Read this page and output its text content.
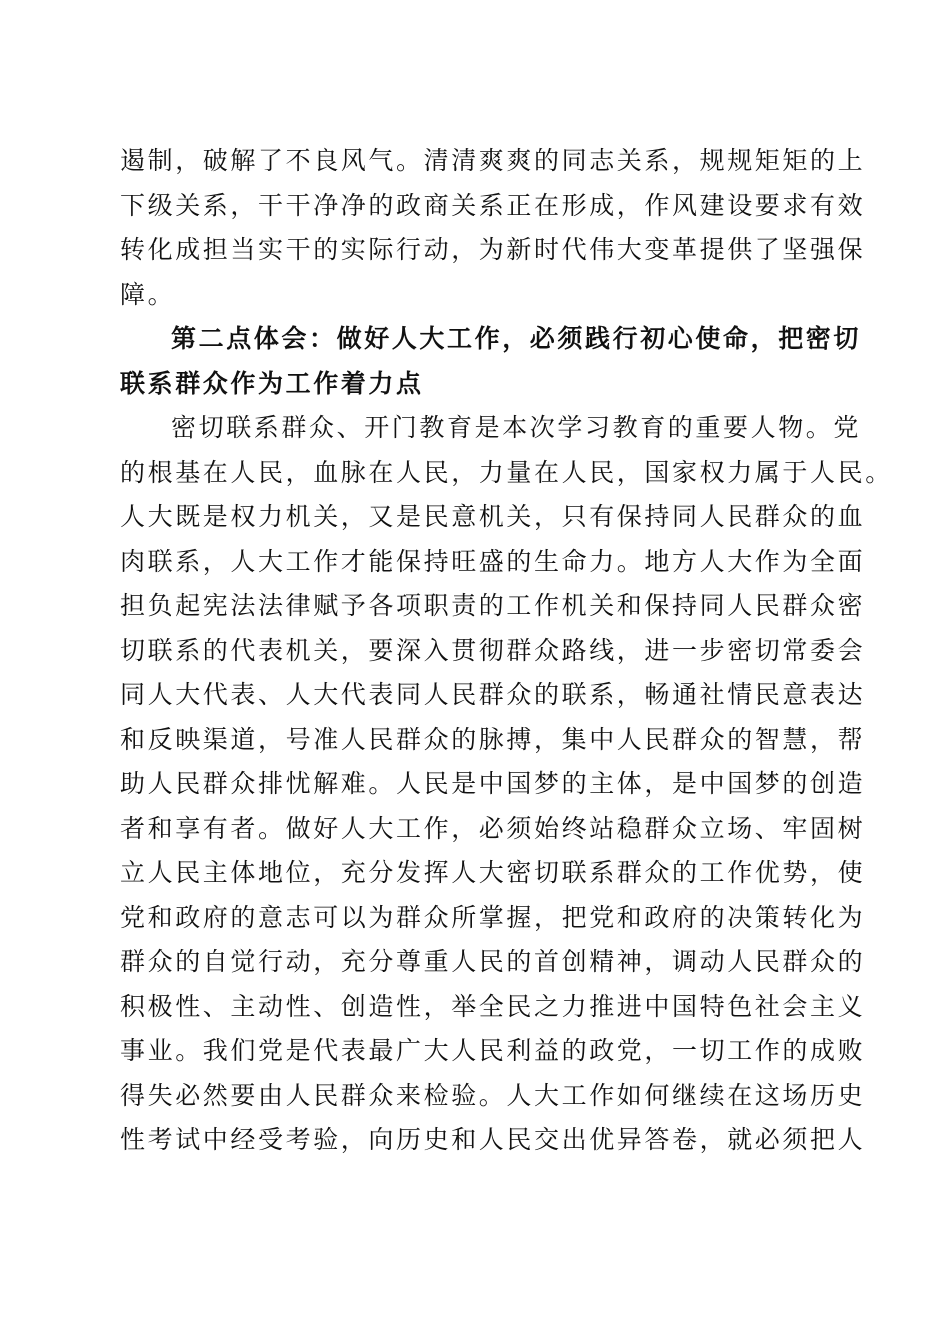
遏制，破解了不良风气。清清爽爽的同志关系，规规矩矩的上
下级关系，干干净净的政商关系正在形成，作风建设要求有效
转化成担当实干的实际行动，为新时代伟大变革提供了坚强保
障。
第二点体会：做好人大工作，必须践行初心使命，把密切
联系群众作为工作着力点
密切联系群众、开门教育是本次学习教育的重要人物。党
的根基在人民，血脉在人民，力量在人民，国家权力属于人民。
人大既是权力机关，又是民意机关，只有保持同人民群众的血
肉联系，人大工作才能保持旺盛的生命力。地方人大作为全面
担负起宪法法律赋予各项职责的工作机关和保持同人民群众密
切联系的代表机关，要深入贯彻群众路线，进一步密切常委会
同人大代表、人大代表同人民群众的联系，畅通社情民意表达
和反映渠道，号准人民群众的脉搏，集中人民群众的智慧，帮
助人民群众排忧解难。人民是中国梦的主体，是中国梦的创造
者和享有者。做好人大工作，必须始终站稳群众立场、牢固树
立人民主体地位，充分发挥人大密切联系群众的工作优势，使
党和政府的意志可以为群众所掌握，把党和政府的决策转化为
群众的自觉行动，充分尊重人民的首创精神，调动人民群众的
积极性、主动性、创造性，举全民之力推进中国特色社会主义
事业。我们党是代表最广大人民利益的政党，一切工作的成败
得失必然要由人民群众来检验。人大工作如何继续在这场历史
性考试中经受考验，向历史和人民交出优异答卷，就必须把人
